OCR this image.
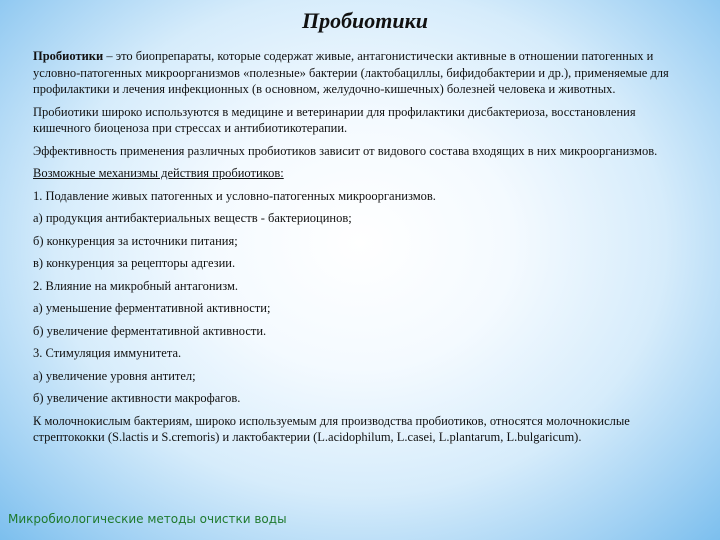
Пробиотики

Пробиотики – это биопрепараты, которые содержат живые, антагонистически активные в отношении патогенных и условно-патогенных микроорганизмов «полезные» бактерии (лактобациллы, бифидобактерии и др.), применяемые для профилактики и лечения инфекционных (в основном, желудочно-кишечных) болезней человека и животных.

Пробиотики широко используются в медицине и ветеринарии для профилактики дисбактериоза, восстановления кишечного биоценоза при стрессах и антибиотикотерапии.

Эффективность применения различных пробиотиков зависит от видового состава входящих в них микроорганизмов.

Возможные механизмы действия пробиотиков:

1. Подавление живых патогенных и условно-патогенных микроорганизмов.
а) продукция антибактериальных веществ - бактериоцинов;
б) конкуренция за источники питания;
в) конкуренция за рецепторы адгезии.
2. Влияние на микробный антагонизм.
а) уменьшение ферментативной активности;
б) увеличение ферментативной активности.
3. Стимуляция иммунитета.
а) увеличение уровня антител;
б) увеличение активности макрофагов.

К молочнокислым бактериям, широко используемым для производства пробиотиков, относятся молочнокислые стрептококки (S.lactis и S.cremoris) и лактобактерии (L.acidophilum, L.casei, L.plantarum, L.bulgaricum).

Микробиологические методы очистки воды
